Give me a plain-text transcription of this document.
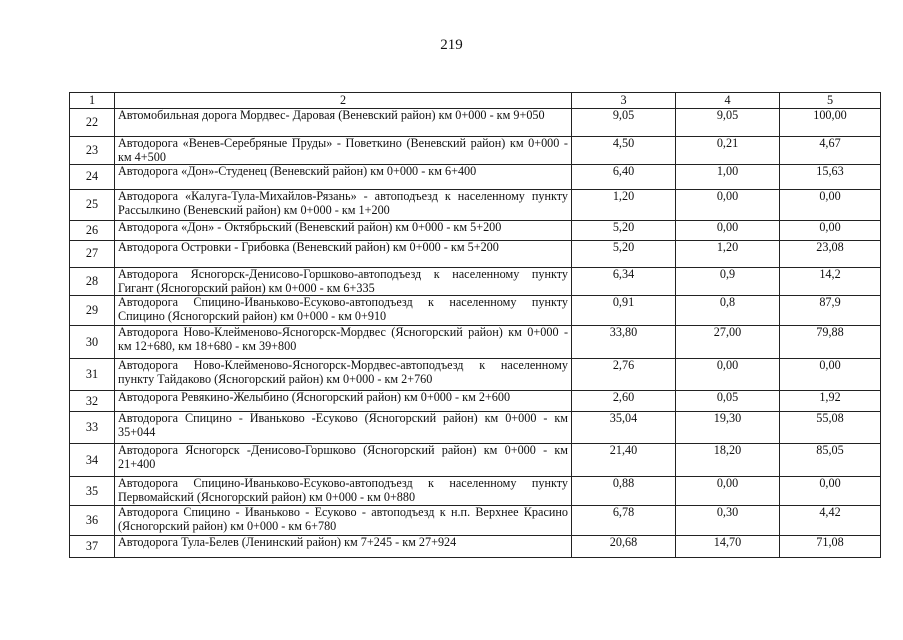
219
1	2	3	4	5
22	Автомобильная дорога Мордвес- Даровая (Веневский район) км 0+000 - км 9+050	9,05	9,05	100,00
23	Автодорога «Венев-Серебряные Пруды» - Поветкино (Веневский район) км 0+000 - км 4+500	4,50	0,21	4,67
24	Автодорога «Дон»-Студенец (Веневский район) км 0+000 - км 6+400	6,40	1,00	15,63
25	Автодорога «Калуга-Тула-Михайлов-Рязань» - автоподъезд к населенному пункту Рассылкино (Веневский район) км 0+000 - км 1+200	1,20	0,00	0,00
26	Автодорога «Дон» - Октябрьский (Веневский район) км 0+000 - км 5+200	5,20	0,00	0,00
27	Автодорога Островки - Грибовка (Веневский район) км 0+000 - км 5+200	5,20	1,20	23,08
28	Автодорога Ясногорск-Денисово-Горшково-автоподъезд к населенному пункту Гигант (Ясногорский район) км 0+000 - км 6+335	6,34	0,9	14,2
29	Автодорога Спицино-Иваньково-Есуково-автоподъезд к населенному пункту Спицино (Ясногорский район) км 0+000 - км 0+910	0,91	0,8	87,9
30	Автодорога Ново-Клейменово-Ясногорск-Мордвес (Ясногорский район) км 0+000 - км 12+680, км 18+680 - км 39+800	33,80	27,00	79,88
31	Автодорога Ново-Клейменово-Ясногорск-Мордвес-автоподъезд к населенному пункту Тайдаково (Ясногорский район) км 0+000 - км 2+760	2,76	0,00	0,00
32	Автодорога Ревякино-Желыбино (Ясногорский район) км 0+000 - км 2+600	2,60	0,05	1,92
33	Автодорога Спицино - Иваньково -Есуково (Ясногорский район) км 0+000 - км 35+044	35,04	19,30	55,08
34	Автодорога Ясногорск -Денисово-Горшково (Ясногорский район) км 0+000 - км 21+400	21,40	18,20	85,05
35	Автодорога Спицино-Иваньково-Есуково-автоподъезд к населенному пункту Первомайский (Ясногорский район) км 0+000 - км 0+880	0,88	0,00	0,00
36	Автодорога Спицино - Иваньково - Есуково - автоподъезд к н.п. Верхнее Красино (Ясногорский район) км 0+000 - км 6+780	6,78	0,30	4,42
37	Автодорога Тула-Белев (Ленинский район) км 7+245 - км 27+924	20,68	14,70	71,08
